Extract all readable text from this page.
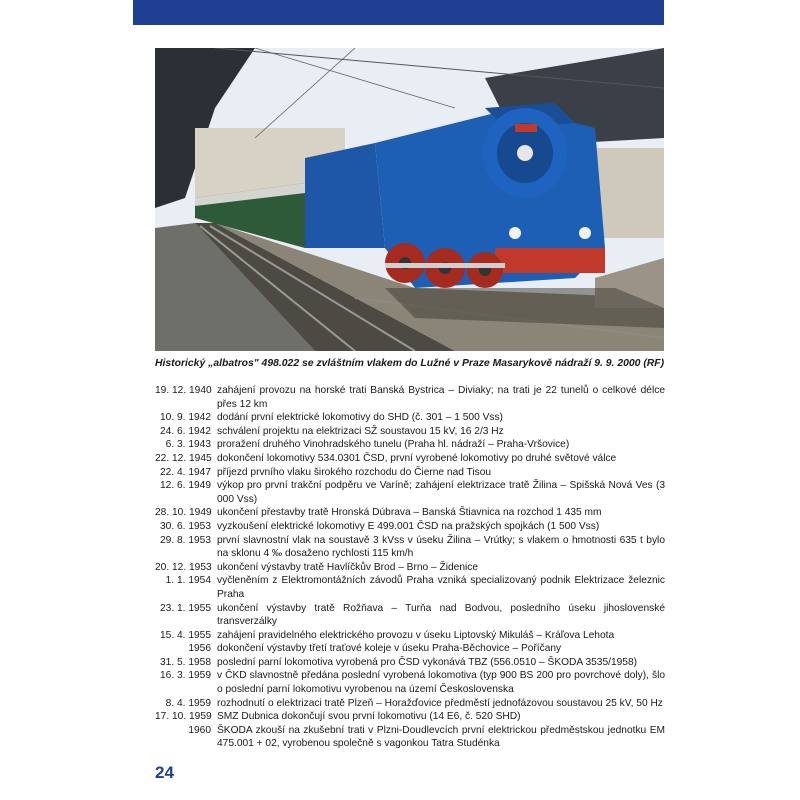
Historický „albatros" 498.022 se zvláštním vlakem do Lužné v Praze Masarykově nádraží 9. 9. 2000 (RF)
19. 12. 1940 zahájení provozu na horské trati Banská Bystrica – Diviaky; na trati je 22 tunelů o celkové délce přes 12 km
10. 9. 1942 dodání první elektrické lokomotivy do SHD (č. 301 – 1 500 Vss)
24. 6. 1942 schválení projektu na elektrizaci SŽ soustavou 15 kV, 16 2/3 Hz
6. 3. 1943 proražení druhého Vinohradského tunelu (Praha hl. nádraží – Praha-Vršovice)
22. 12. 1945 dokončení lokomotivy 534.0301 ČSD, první vyrobené lokomotivy po druhé světové válce
22. 4. 1947 příjezd prvního vlaku širokého rozchodu do Čierne nad Tisou
12. 6. 1949 výkop pro první trakční podpěru ve Varíně; zahájení elektrizace tratě Žilina – Spišská Nová Ves (3 000 Vss)
28. 10. 1949 ukončení přestavby tratě Hronská Dúbrava – Banská Štiavnica na rozchod 1 435 mm
30. 6. 1953 vyzkoušení elektrické lokomotivy E 499.001 ČSD na pražských spojkách (1 500 Vss)
29. 8. 1953 první slavnostní vlak na soustavě 3 kVss v úseku Žilina – Vrútky; s vlakem o hmotnosti 635 t bylo na sklonu 4 ‰ dosaženo rychlosti 115 km/h
20. 12. 1953 ukončení výstavby tratě Havlíčkův Brod – Brno – Židenice
1. 1. 1954 vyčleněním z Elektromontážních závodů Praha vzniká specializovaný podnik Elektrizace železnic Praha
23. 1. 1955 ukončení výstavby tratě Rožňava – Turňa nad Bodvou, posledního úseku jihoslovenské transverzálky
15. 4. 1955 zahájení pravidelného elektrického provozu v úseku Liptovský Mikuláš – Kráľova Lehota
1956 dokončení výstavby třetí traťové koleje v úseku Praha-Běchovice – Poříčany
31. 5. 1958 poslední parní lokomotiva vyrobená pro ČSD vykonává TBZ (556.0510 – ŠKODA 3535/1958)
16. 3. 1959 v ČKD slavnostně předána poslední vyrobená lokomotiva (typ 900 BS 200 pro povrchové doly), šlo o poslední parní lokomotivu vyrobenou na území Československa
8. 4. 1959 rozhodnutí o elektrizaci tratě Plzeň – Horažďovice předměstí jednofázovou soustavou 25 kV, 50 Hz
17. 10. 1959 SMZ Dubnica dokončují svou první lokomotivu (14 E6, č. 520 SHD)
1960 ŠKODA zkouší na zkušební trati v Plzni-Doudlevcích první elektrickou předměstskou jednotku EM 475.001 + 02, vyrobenou společně s vagonkou Tatra Studénka
24
